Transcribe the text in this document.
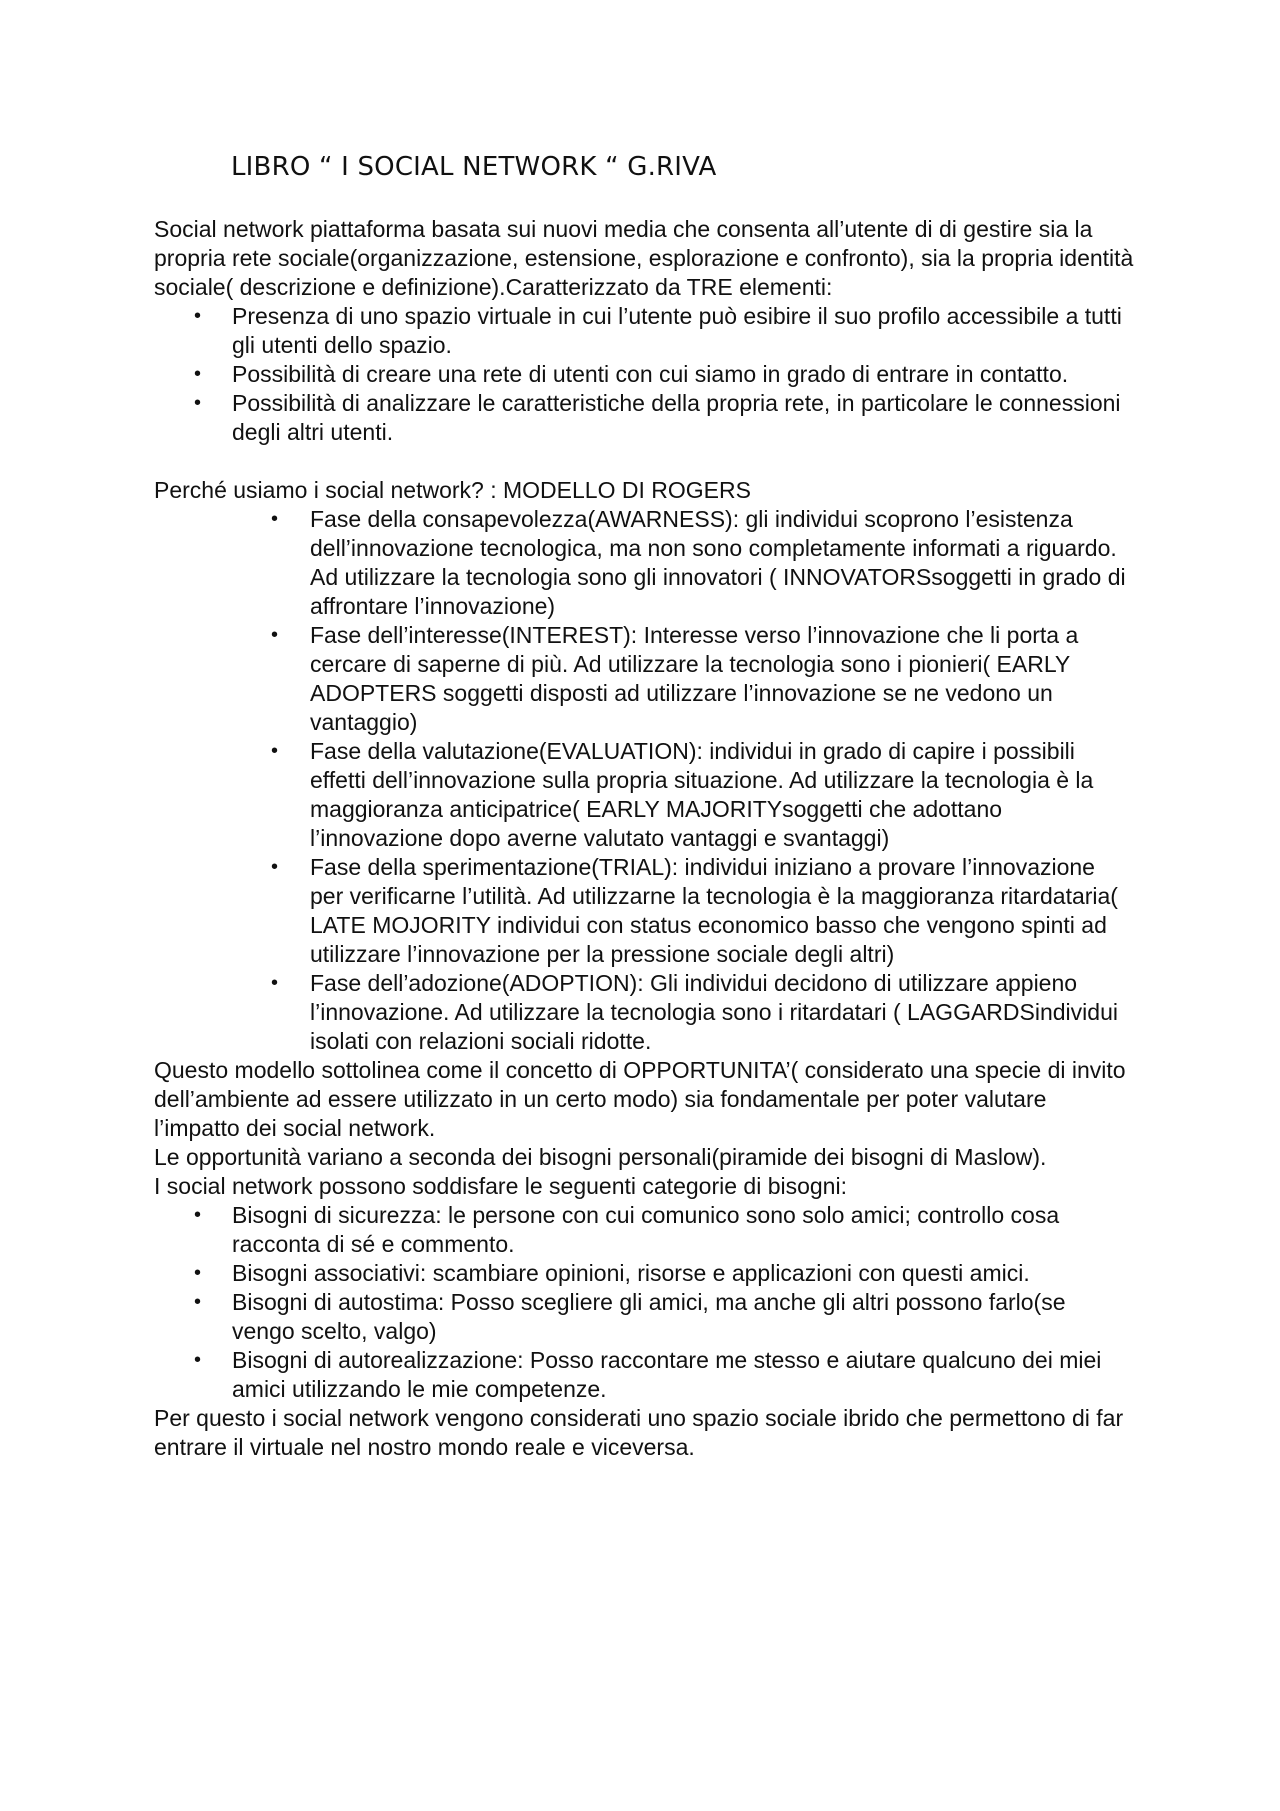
LIBRO “ I SOCIAL NETWORK “ G.RIVA

Social network piattaforma basata sui nuovi media che consenta all’utente di di gestire sia la propria rete sociale(organizzazione, estensione, esplorazione e confronto), sia la propria identità sociale( descrizione e definizione).Caratterizzato da TRE elementi:

• Presenza di uno spazio virtuale in cui l’utente può esibire il suo profilo accessibile a tutti gli utenti dello spazio.
• Possibilità di creare una rete di utenti con cui siamo in grado di entrare in contatto.
• Possibilità di analizzare le caratteristiche della propria rete, in particolare le connessioni degli altri utenti.

Perché usiamo i social network? : MODELLO DI ROGERS

• Fase della consapevolezza(AWARNESS): gli individui scoprono l’esistenza dell’innovazione tecnologica, ma non sono completamente informati a riguardo. Ad utilizzare la tecnologia sono gli innovatori ( INNOVATORSsoggetti in grado di affrontare l’innovazione)
• Fase dell’interesse(INTEREST): Interesse verso l’innovazione che li porta a cercare di saperne di più. Ad utilizzare la tecnologia sono i pionieri( EARLY ADOPTERS soggetti disposti ad utilizzare l’innovazione se ne vedono un vantaggio)
• Fase della valutazione(EVALUATION): individui in grado di capire i possibili effetti dell’innovazione sulla propria situazione. Ad utilizzare la tecnologia è la maggioranza anticipatrice( EARLY MAJORITYsoggetti che adottano l’innovazione dopo averne valutato vantaggi e svantaggi)
• Fase della sperimentazione(TRIAL): individui iniziano a provare l’innovazione per verificarne l’utilità. Ad utilizzarne la tecnologia è la maggioranza ritardataria( LATE MOJORITY individui con status economico basso che vengono spinti ad utilizzare l’innovazione per la pressione sociale degli altri)
• Fase dell’adozione(ADOPTION): Gli individui decidono di utilizzare appieno l’innovazione. Ad utilizzare la tecnologia sono i ritardatari ( LAGGARDSindividui isolati con relazioni sociali ridotte.

Questo modello sottolinea come il concetto di OPPORTUNITA’( considerato una specie di invito dell’ambiente ad essere utilizzato in un certo modo) sia fondamentale per poter valutare l’impatto dei social network.

Le opportunità variano a seconda dei bisogni personali(piramide dei bisogni di Maslow).

I social network possono soddisfare le seguenti categorie di bisogni:

• Bisogni di sicurezza: le persone con cui comunico sono solo amici; controllo cosa racconta di sé e commento.
• Bisogni associativi: scambiare opinioni, risorse e applicazioni con questi amici.
• Bisogni di autostima: Posso scegliere gli amici, ma anche gli altri possono farlo(se vengo scelto, valgo)
• Bisogni di autorealizzazione: Posso raccontare me stesso e aiutare qualcuno dei miei amici utilizzando le mie competenze.

Per questo i social network vengono considerati uno spazio sociale ibrido che permettono di far entrare il virtuale nel nostro mondo reale e viceversa.
